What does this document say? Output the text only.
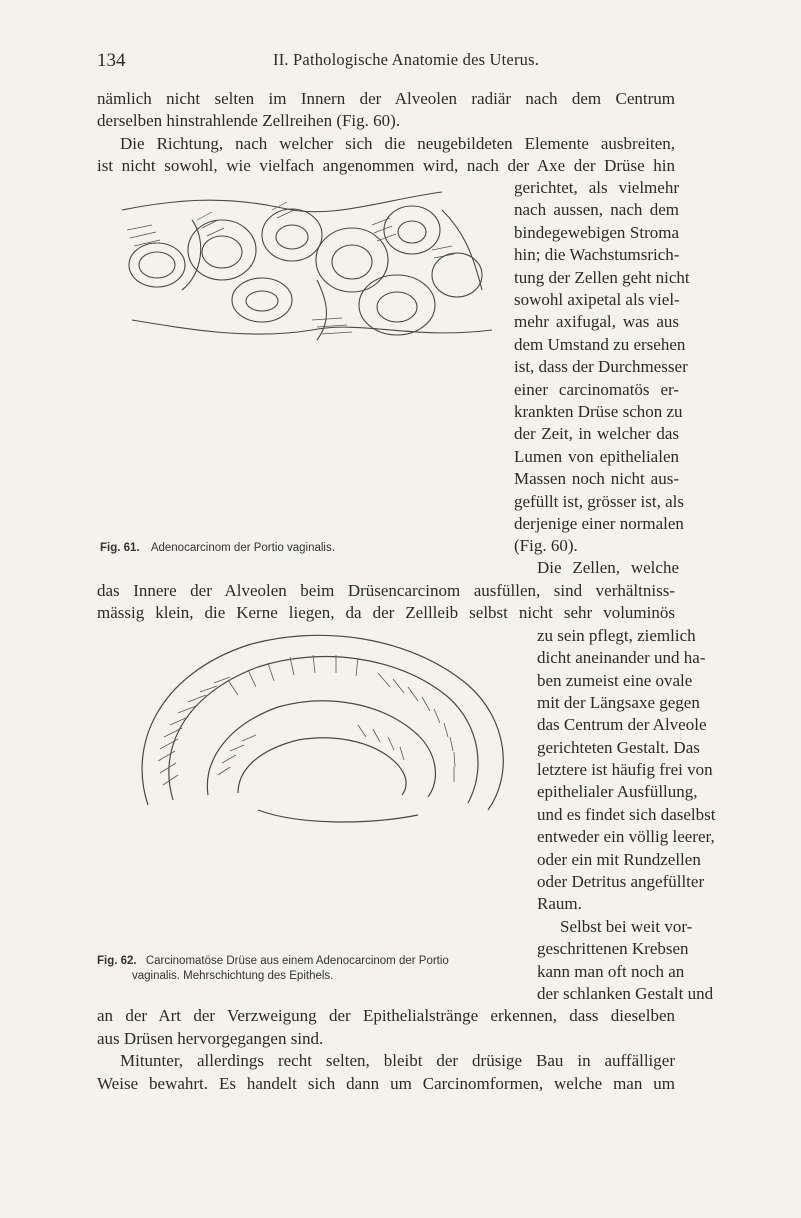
134	II. Pathologische Anatomie des Uterus.
nämlich nicht selten im Innern der Alveolen radiär nach dem Centrum
derselben hinstrahlende Zellreihen (Fig. 60).
Die Richtung, nach welcher sich die neugebildeten Elemente ausbreiten,
ist nicht sowohl, wie vielfach angenommen wird, nach der Axe der Drüse hin
gerichtet, als vielmehr
nach aussen, nach dem
bindegewebigen Stroma
hin; die Wachstumsrich-
tung der Zellen geht nicht
sowohl axipetal als viel-
mehr axifugal, was aus
dem Umstand zu ersehen
ist, dass der Durchmesser
einer carcinomatös er-
krankten Drüse schon zu
der Zeit, in welcher das
Lumen von epithelialen
Massen noch nicht aus-
gefüllt ist, grösser ist, als
derjenige einer normalen
(Fig. 60).
Die Zellen, welche
das Innere der Alveolen beim Drüsencarcinom ausfüllen, sind verhältniss-
mässig klein, die Kerne liegen, da der Zellleib selbst nicht sehr voluminös
zu sein pflegt, ziemlich
dicht aneinander und ha-
ben zumeist eine ovale
mit der Längsaxe gegen
das Centrum der Alveole
gerichteten Gestalt. Das
letztere ist häufig frei von
epithelialer Ausfüllung,
und es findet sich daselbst
entweder ein völlig leerer,
oder ein mit Rundzellen
oder Detritus angefüllter
Raum.
Selbst bei weit vor-
geschrittenen Krebsen
kann man oft noch an
der schlanken Gestalt und
an der Art der Verzweigung der Epithelialstränge erkennen, dass dieselben
aus Drüsen hervorgegangen sind.
Mitunter, allerdings recht selten, bleibt der drüsige Bau in auffälliger
Weise bewahrt. Es handelt sich dann um Carcinomformen, welche man um
Fig. 61. Adenocarcinom der Portio vaginalis.
Fig. 62. Carcinomatöse Drüse aus einem Adenocarcinom der Portio
vaginalis. Mehrschichtung des Epithels.
